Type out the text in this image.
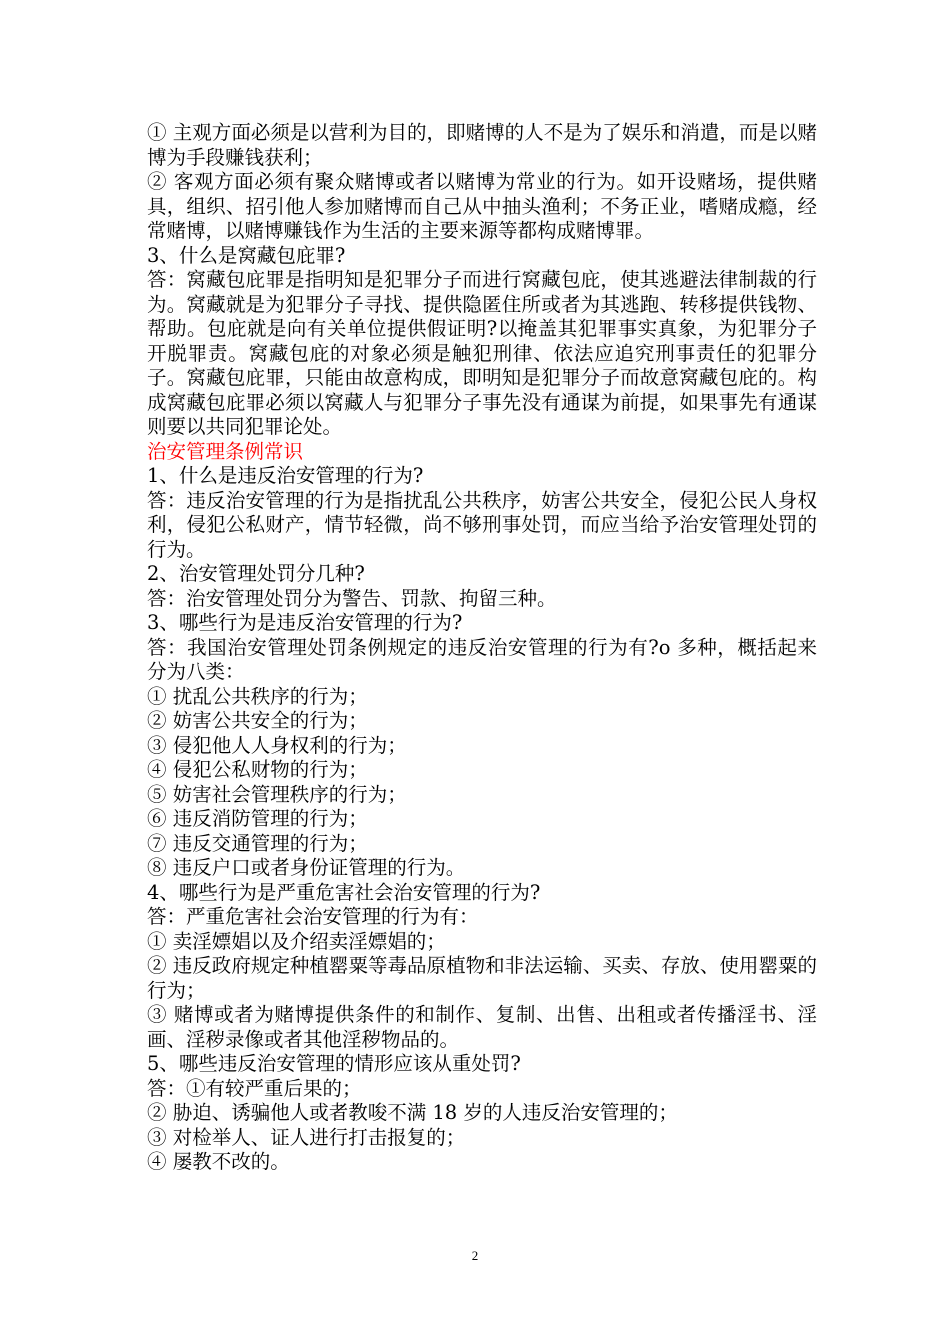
① 主观方面必须是以营利为目的，即赌博的人不是为了娱乐和消遣，而是以赌博为手段赚钱获利；

② 客观方面必须有聚众赌博或者以赌博为常业的行为。如开设赌场，提供赌具，组织、招引他人参加赌博而自己从中抽头渔利；不务正业，嗜赌成瘾，经常赌博，以赌博赚钱作为生活的主要来源等都构成赌博罪。

3、什么是窝藏包庇罪?

答：窝藏包庇罪是指明知是犯罪分子而进行窝藏包庇，使其逃避法律制裁的行为。窝藏就是为犯罪分子寻找、提供隐匿住所或者为其逃跑、转移提供钱物、帮助。包庇就是向有关单位提供假证明?以掩盖其犯罪事实真象，为犯罪分子开脱罪责。窝藏包庇的对象必须是触犯刑律、依法应追究刑事责任的犯罪分子。窝藏包庇罪，只能由故意构成，即明知是犯罪分子而故意窝藏包庇的。构成窝藏包庇罪必须以窝藏人与犯罪分子事先没有通谋为前提，如果事先有通谋则要以共同犯罪论处。

治安管理条例常识

1、什么是违反治安管理的行为?

答：违反治安管理的行为是指扰乱公共秩序，妨害公共安全，侵犯公民人身权利，侵犯公私财产，情节轻微，尚不够刑事处罚，而应当给予治安管理处罚的行为。

2、治安管理处罚分几种?

答：治安管理处罚分为警告、罚款、拘留三种。

3、哪些行为是违反治安管理的行为?

答：我国治安管理处罚条例规定的违反治安管理的行为有?o 多种，概括起来分为八类：

① 扰乱公共秩序的行为；

② 妨害公共安全的行为；

③ 侵犯他人人身权利的行为；

④ 侵犯公私财物的行为；

⑤ 妨害社会管理秩序的行为；

⑥ 违反消防管理的行为；

⑦ 违反交通管理的行为；

⑧ 违反户口或者身份证管理的行为。

4、哪些行为是严重危害社会治安管理的行为?

答：严重危害社会治安管理的行为有：

① 卖淫嫖娼以及介绍卖淫嫖娼的；

② 违反政府规定种植罂粟等毒品原植物和非法运输、买卖、存放、使用罂粟的行为；

③ 赌博或者为赌博提供条件的和制作、复制、出售、出租或者传播淫书、淫画、淫秽录像或者其他淫秽物品的。

5、哪些违反治安管理的情形应该从重处罚?

答：①有较严重后果的；

② 胁迫、诱骗他人或者教唆不满 18 岁的人违反治安管理的；

③ 对检举人、证人进行打击报复的；

④ 屡教不改的。

2
